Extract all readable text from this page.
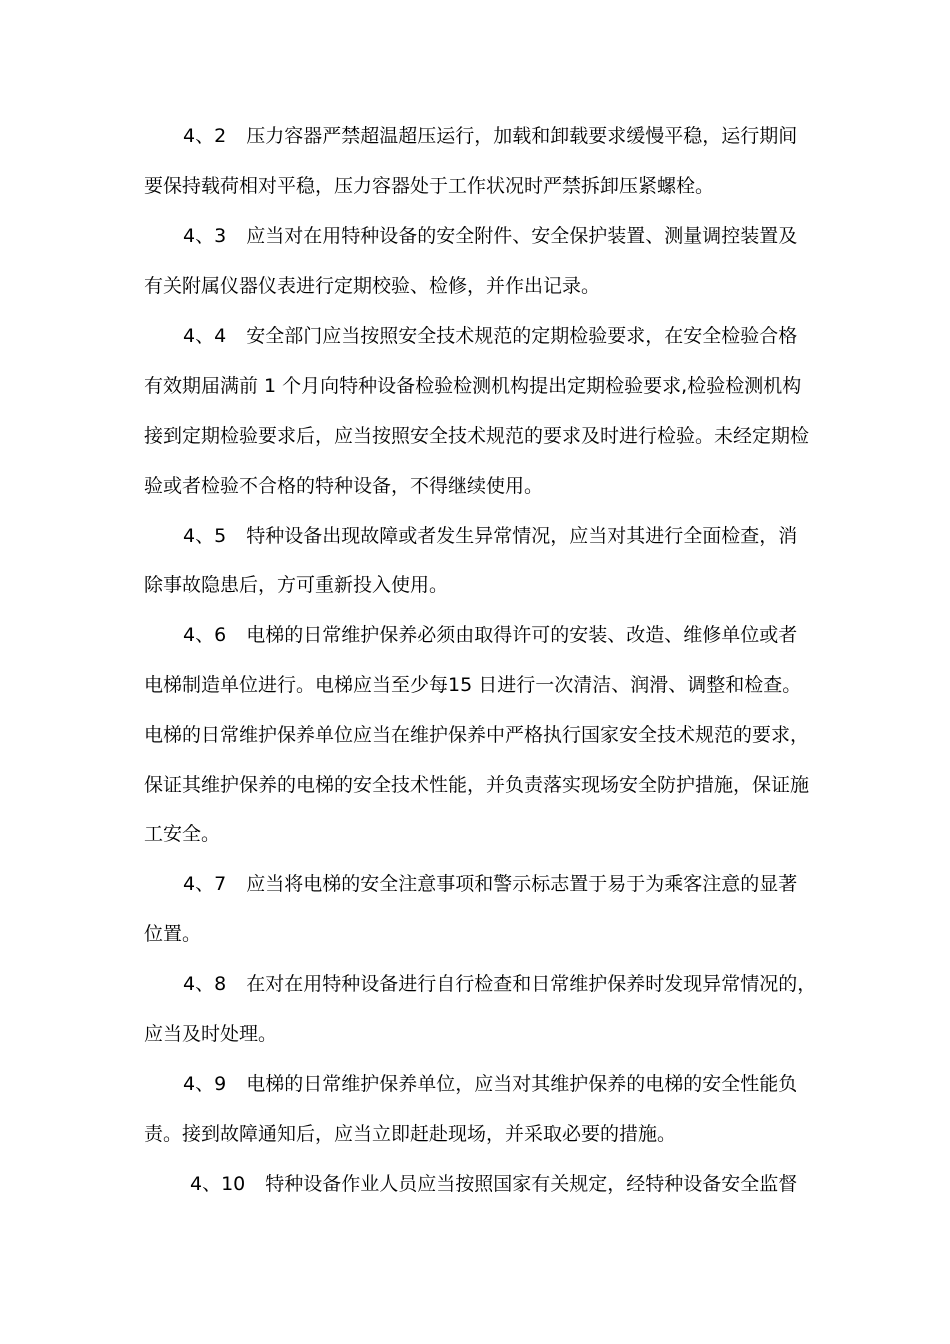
4、2 压力容器严禁超温超压运行，加载和卸载要求缓慢平稳，运行期间
要保持载荷相对平稳，压力容器处于工作状况时严禁拆卸压紧螺栓。
4、3 应当对在用特种设备的安全附件、安全保护装置、测量调控装置及
有关附属仪器仪表进行定期校验、检修，并作出记录。
4、4 安全部门应当按照安全技术规范的定期检验要求，在安全检验合格
有效期届满前 1 个月向特种设备检验检测机构提出定期检验要求,检验检测机构
接到定期检验要求后，应当按照安全技术规范的要求及时进行检验。未经定期检
验或者检验不合格的特种设备，不得继续使用。
4、5 特种设备出现故障或者发生异常情况，应当对其进行全面检查，消
除事故隐患后，方可重新投入使用。
4、6 电梯的日常维护保养必须由取得许可的安装、改造、维修单位或者
电梯制造单位进行。电梯应当至少每15 日进行一次清洁、润滑、调整和检查。
电梯的日常维护保养单位应当在维护保养中严格执行国家安全技术规范的要求，
保证其维护保养的电梯的安全技术性能，并负责落实现场安全防护措施，保证施
工安全。
4、7 应当将电梯的安全注意事项和警示标志置于易于为乘客注意的显著
位置。
4、8 在对在用特种设备进行自行检查和日常维护保养时发现异常情况的，
应当及时处理。
4、9 电梯的日常维护保养单位，应当对其维护保养的电梯的安全性能负
责。接到故障通知后，应当立即赶赴现场，并采取必要的措施。
4、10 特种设备作业人员应当按照国家有关规定，经特种设备安全监督
